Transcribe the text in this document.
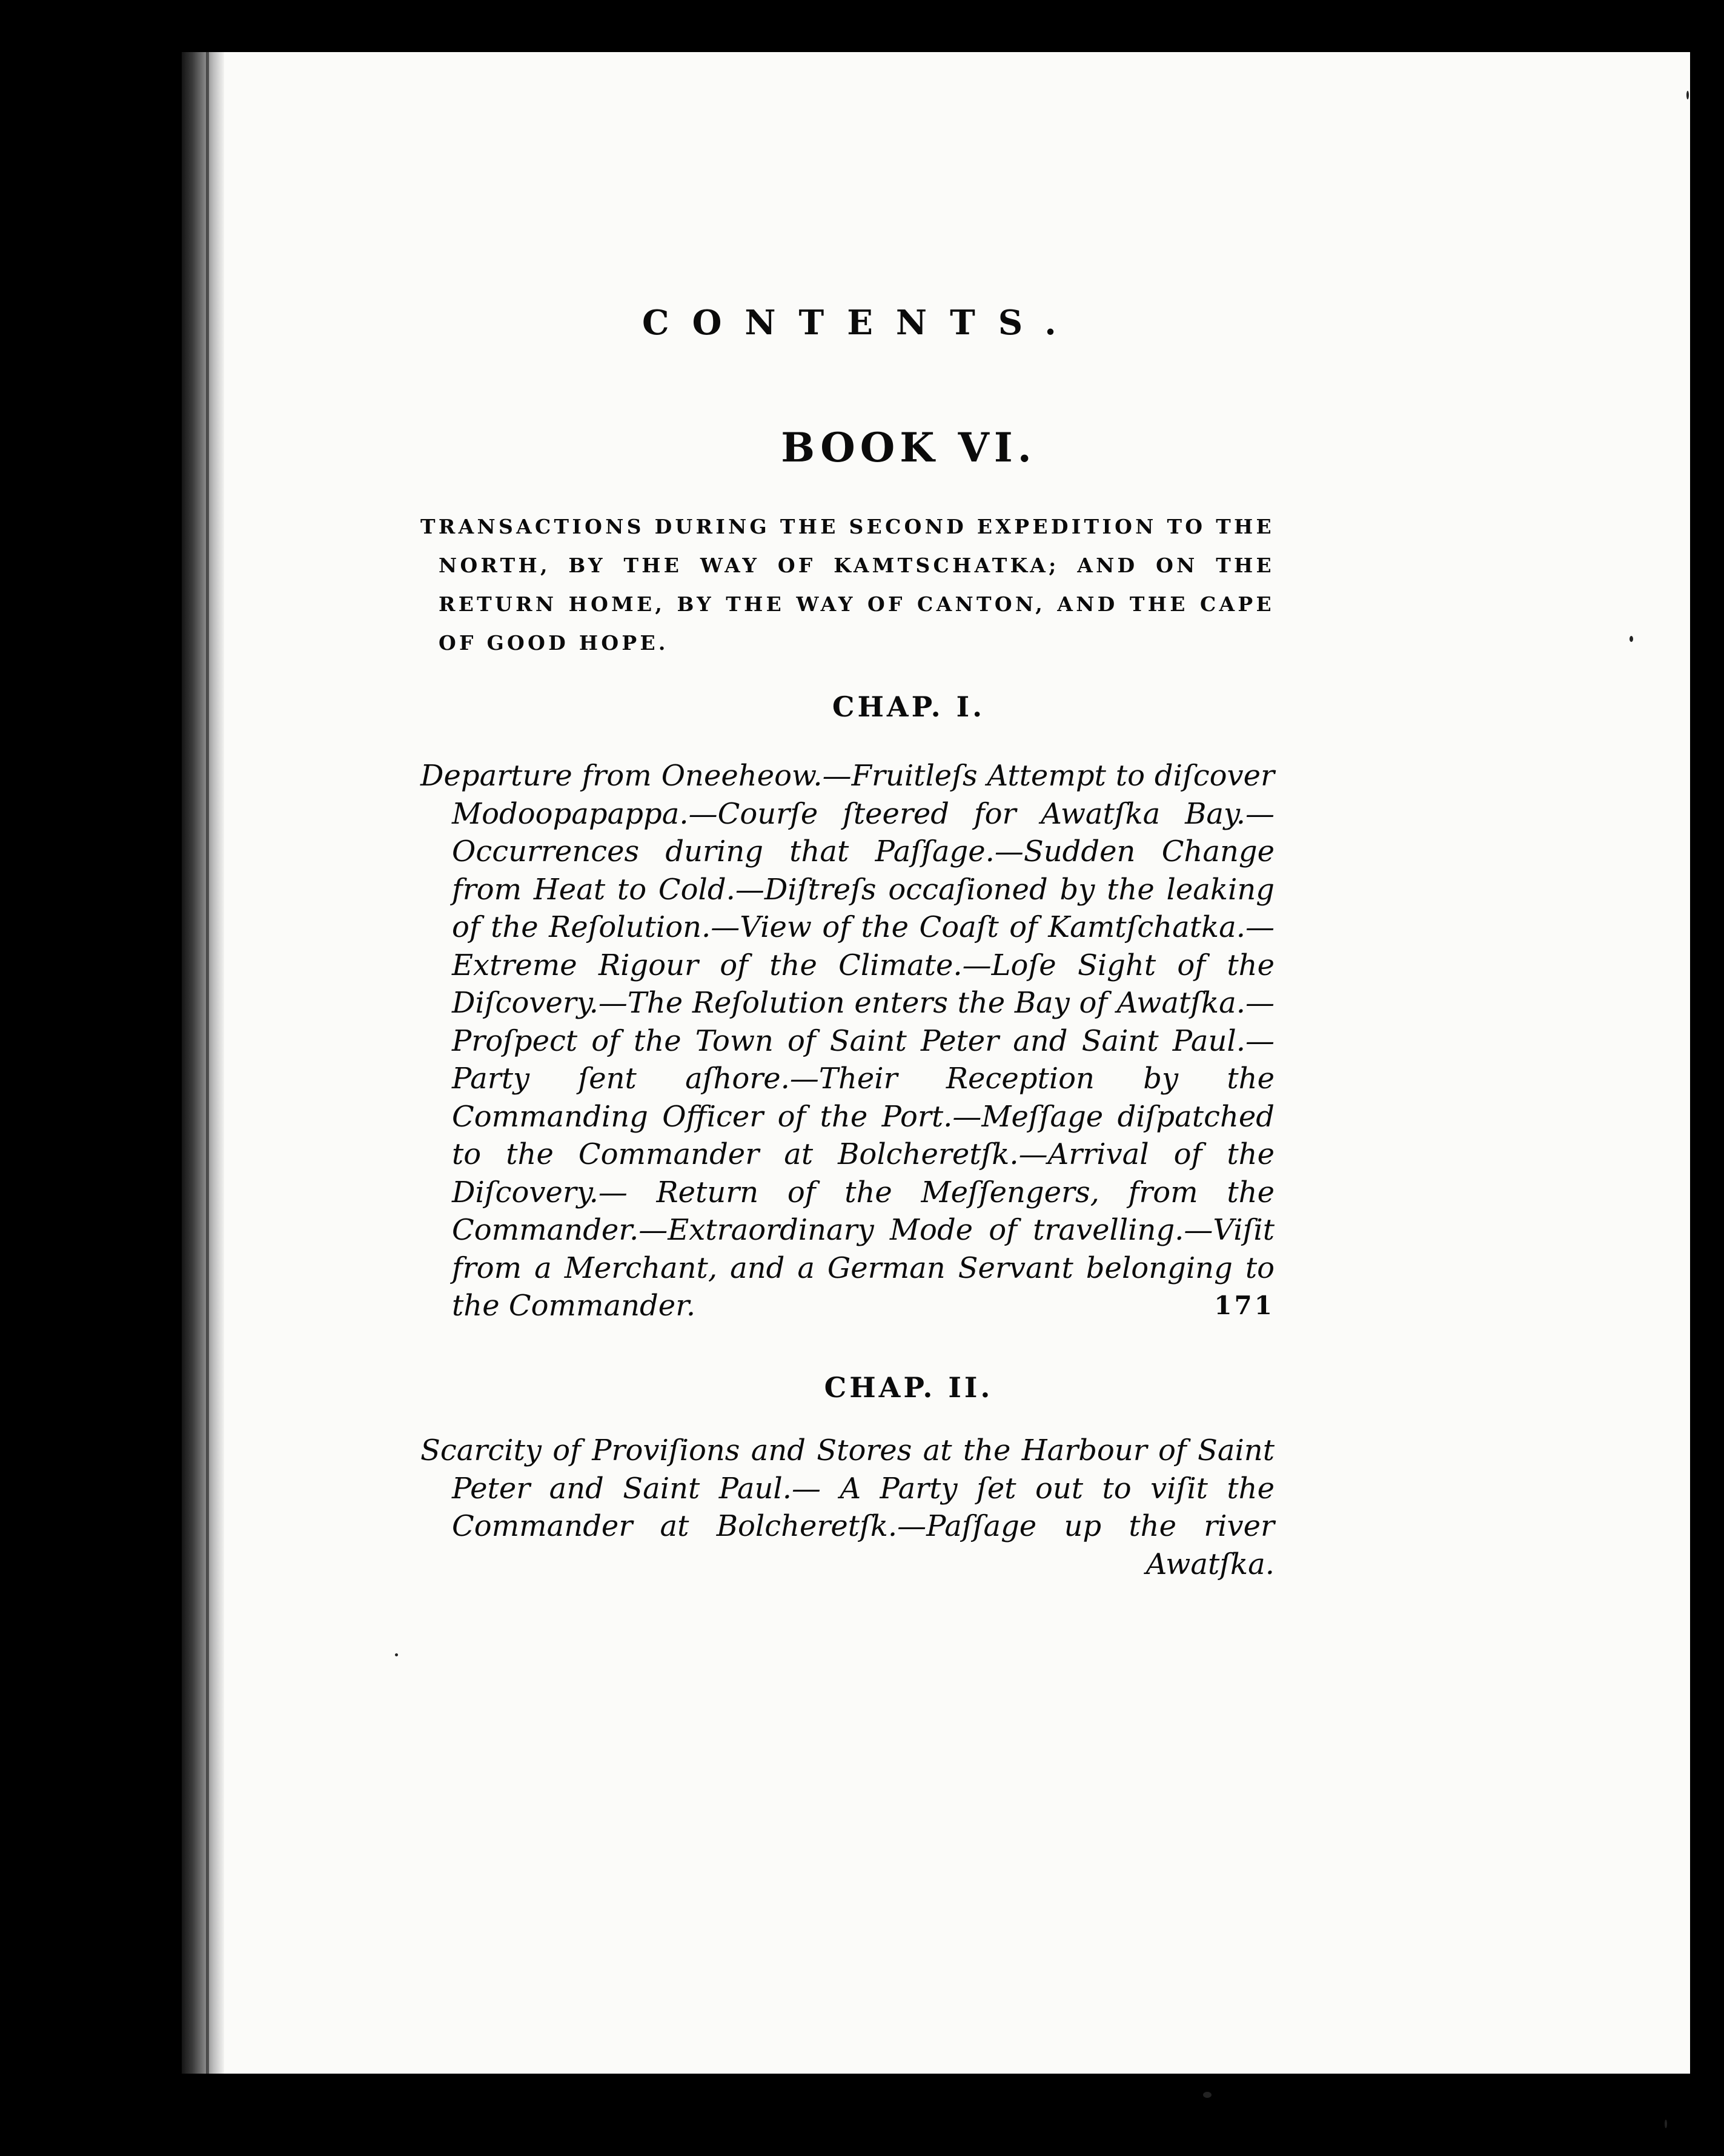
CONTENTS.
BOOK VI.
TRANSACTIONS DURING THE SECOND EXPEDITION TO THE NORTH, BY THE WAY OF KAMTSCHATKA; AND ON THE RETURN HOME, BY THE WAY OF CANTON, AND THE CAPE OF GOOD HOPE.
CHAP. I.
Departure from Oneeheow.—Fruitleſs Attempt to diſcover Modoopapappa.—Courſe ſteered for Awatſka Bay.—Occurrences during that Paſſage.—Sudden Change from Heat to Cold.—Diſtreſs occaſioned by the leaking of the Reſolution.—View of the Coaſt of Kamtſchatka.— Extreme Rigour of the Climate.—Loſe Sight of the Diſcovery.—The Reſolution enters the Bay of Awatſka.—Proſpect of the Town of Saint Peter and Saint Paul.—Party ſent aſhore.—Their Reception by the Commanding Officer of the Port.—Meſſage diſpatched to the Commander at Bolcheretſk.—Arrival of the Diſcovery.— Return of the Meſſengers, from the Commander.—Extraordinary Mode of travelling.—Viſit from a Merchant, and a German Servant belonging to the Commander.	171
CHAP. II.
Scarcity of Proviſions and Stores at the Harbour of Saint Peter and Saint Paul.— A Party ſet out to viſit the Commander at Bolcheretſk.—Paſſage up the river Awatſka.
